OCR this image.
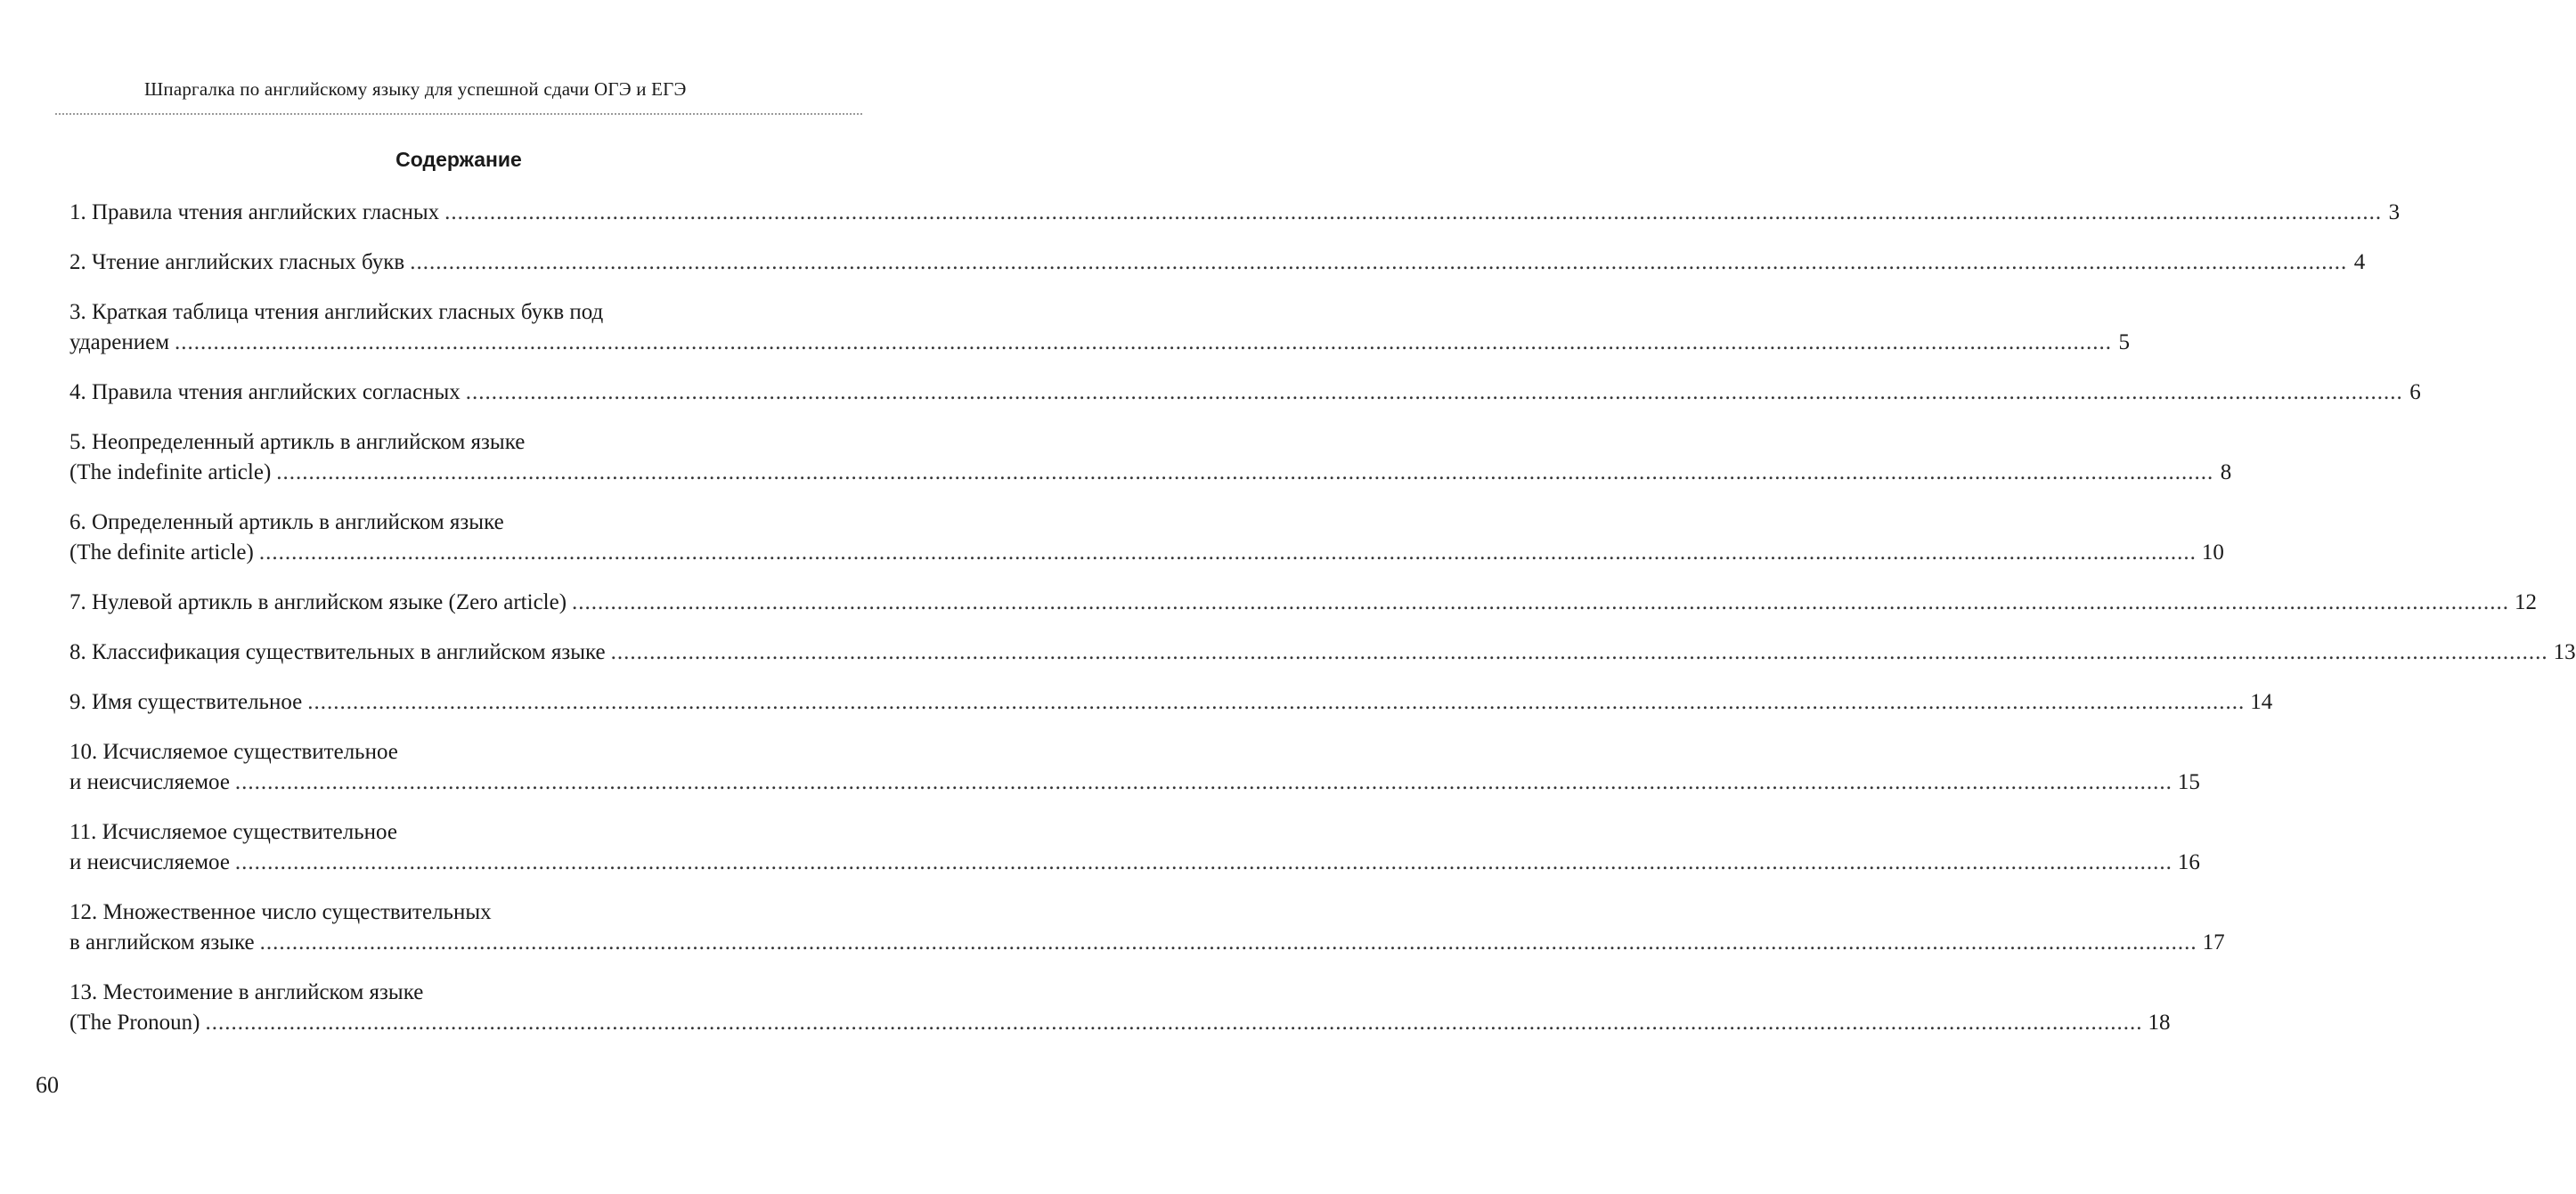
Шпаргалка по английскому языку для успешной сдачи ОГЭ и ЕГЭ
Содержание
1. Правила чтения английских гласных ............................................................................................................................................................................................................................................................................................................ 3
2. Чтение английских гласных букв ............................................................................................................................................................................................................................................................................................................ 4
3. Краткая таблица чтения английских гласных букв под
ударением ............................................................................................................................................................................................................................................................................................................ 5
4. Правила чтения английских согласных ............................................................................................................................................................................................................................................................................................................ 6
5. Неопределенный артикль в английском языке
(The indefinite article) ............................................................................................................................................................................................................................................................................................................ 8
6. Определенный артикль в английском языке
(The definite article) ............................................................................................................................................................................................................................................................................................................ 10
7. Нулевой артикль в английском языке (Zero article) ............................................................................................................................................................................................................................................................................................................ 12
8. Классификация существительных в английском языке ............................................................................................................................................................................................................................................................................................................ 13
9. Имя существительное ............................................................................................................................................................................................................................................................................................................ 14
10. Исчисляемое существительное
и неисчисляемое ............................................................................................................................................................................................................................................................................................................ 15
11. Исчисляемое существительное
и неисчисляемое ............................................................................................................................................................................................................................................................................................................ 16
12. Множественное число существительных
в английском языке ............................................................................................................................................................................................................................................................................................................ 17
13. Местоимение в английском языке
(The Pronoun) ............................................................................................................................................................................................................................................................................................................ 18
60
